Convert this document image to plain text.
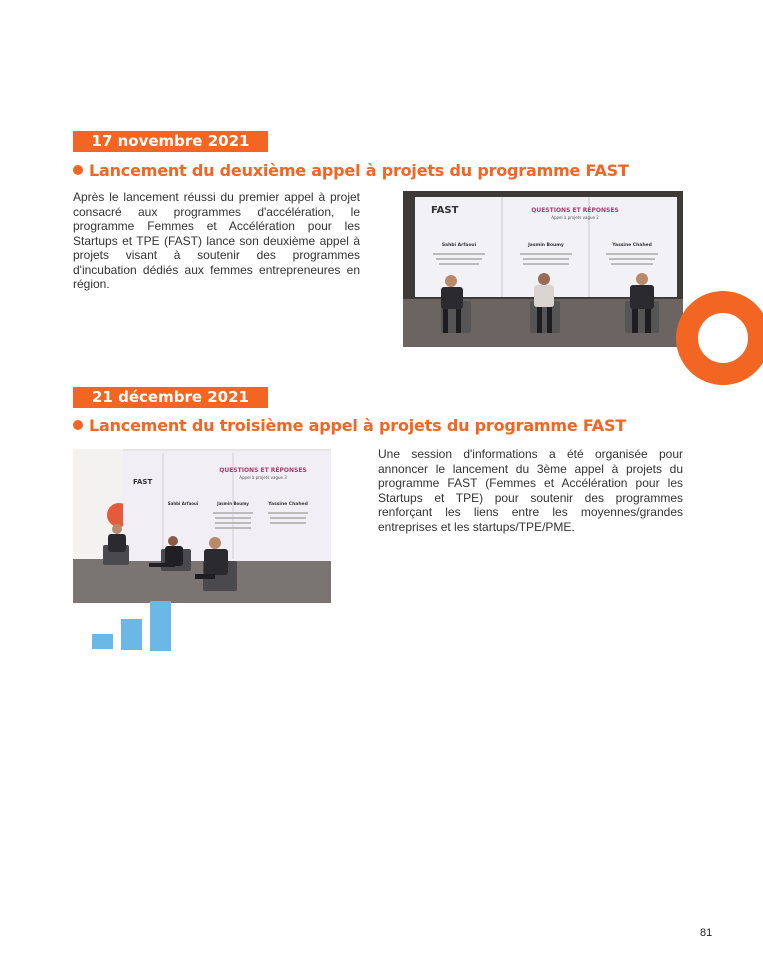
17 novembre 2021
Lancement du deuxième appel à projets du programme FAST

Après le lancement réussi du premier appel à projet consacré aux programmes d'accélération, le programme Femmes et Accélération pour les Startups et TPE (FAST) lance son deuxième appel à projets visant à soutenir des programmes d'incubation dédiés aux femmes entrepreneures en région.

FAST	QUESTIONS ET RÉPONSES
Appel à projets vague 2
Sahbi Arfaoui	Jasmin Boumy	Yassine Chahed
21 décembre 2021
Lancement du troisième appel à projets du programme FAST

Une session d'informations a été organisée pour annoncer le lancement du 3ème appel à projets du programme FAST (Femmes et Accélération pour les Startups et TPE) pour soutenir des programmes renforçant les liens entre les moyennes/grandes entreprises et les startups/TPE/PME.

FAST
QUESTIONS ET RÉPONSES
Appel à projets vague 3
Sahbi Arfaoui	Jasmin Boumy	Yassine Chahed
81
